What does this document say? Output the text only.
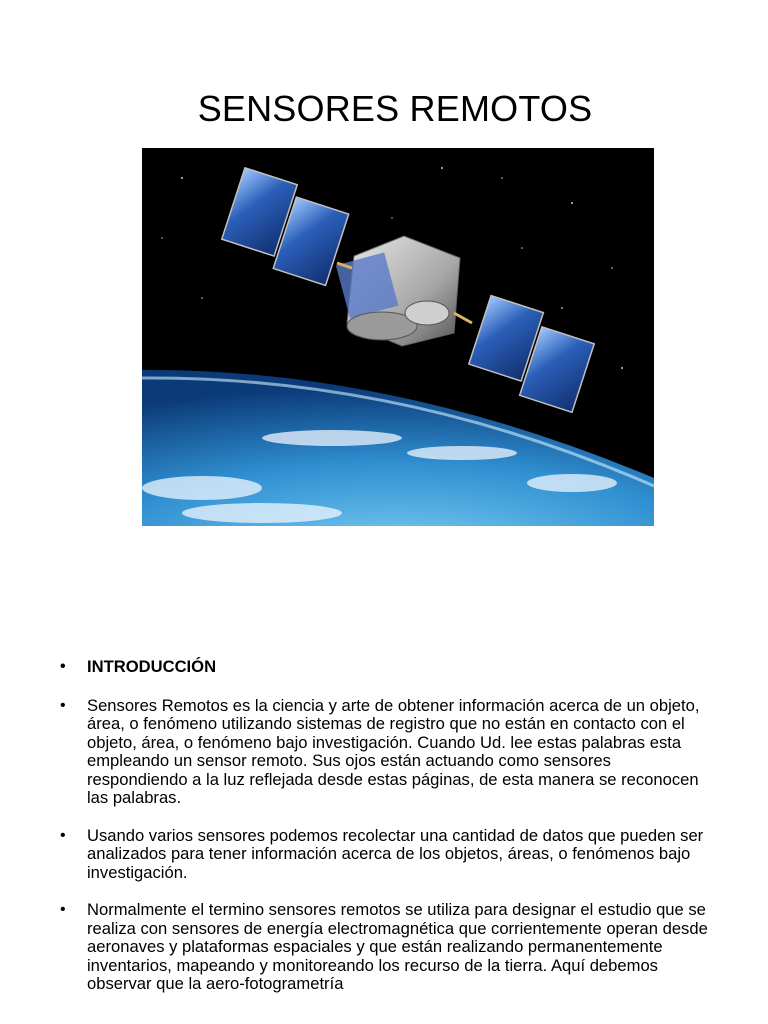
SENSORES REMOTOS
• INTRODUCCIÓN
• Sensores Remotos es la ciencia y arte de obtener información acerca de un objeto, área, o fenómeno utilizando sistemas de registro que no están en contacto con el objeto, área, o fenómeno bajo investigación. Cuando Ud. lee estas palabras esta empleando un sensor remoto. Sus ojos están actuando como sensores respondiendo a la luz reflejada desde estas páginas, de esta manera se reconocen las palabras.
• Usando varios sensores podemos recolectar una cantidad de datos que pueden ser analizados para tener información acerca de los objetos, áreas, o fenómenos bajo investigación.
• Normalmente el termino sensores remotos se utiliza para designar el estudio que se realiza con sensores de energía electromagnética que corrientemente operan desde aeronaves y plataformas espaciales y que están realizando permanentemente inventarios, mapeando y monitoreando los recurso de la tierra. Aquí debemos observar que la aero-fotogrametría
